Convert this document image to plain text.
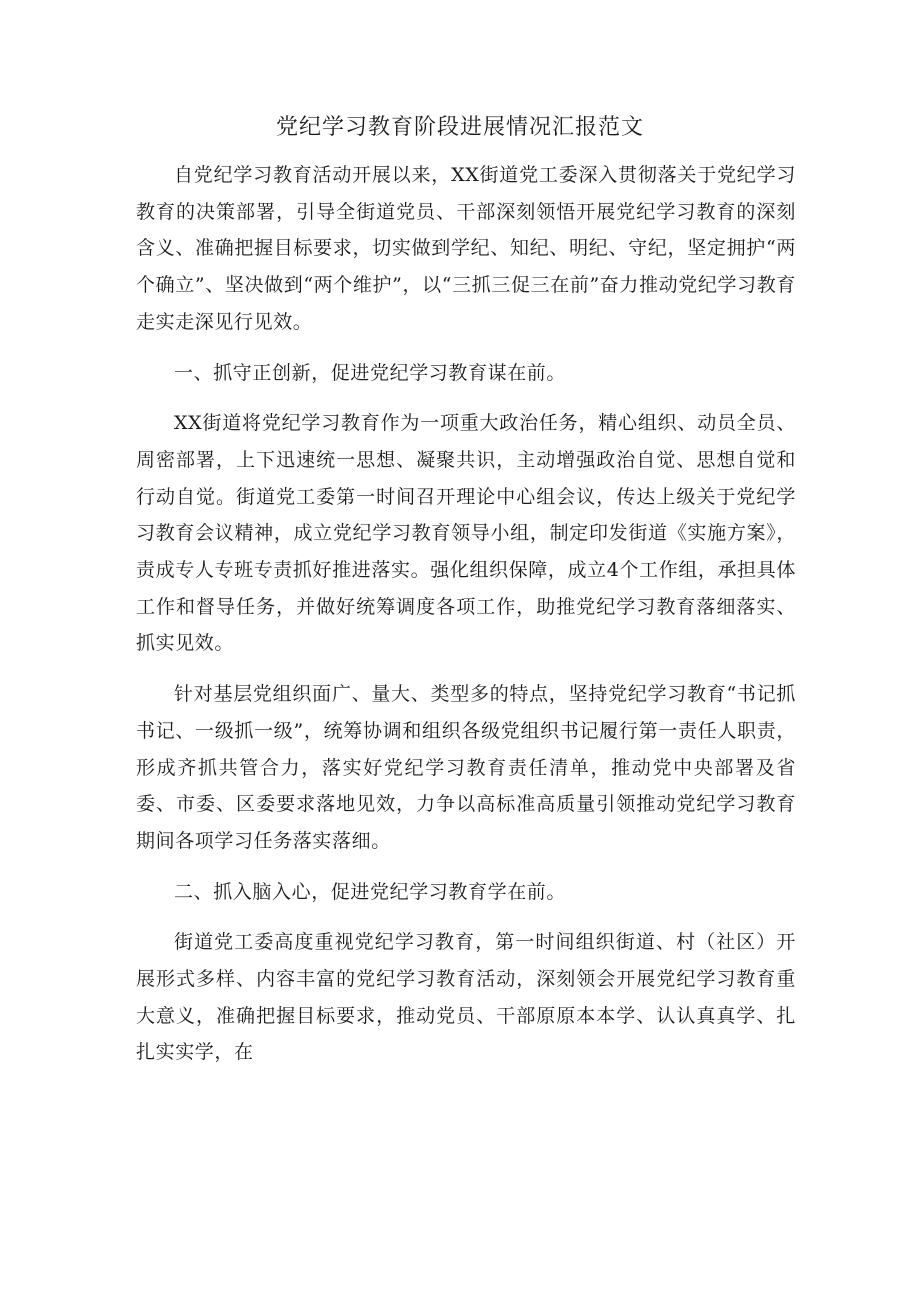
党纪学习教育阶段进展情况汇报范文

自党纪学习教育活动开展以来，XX街道党工委深入贯彻落关于党纪学习教育的决策部署，引导全街道党员、干部深刻领悟开展党纪学习教育的深刻含义、准确把握目标要求，切实做到学纪、知纪、明纪、守纪，坚定拥护“两个确立”、坚决做到“两个维护”，以“三抓三促三在前”奋力推动党纪学习教育走实走深见行见效。

一、抓守正创新，促进党纪学习教育谋在前。

XX街道将党纪学习教育作为一项重大政治任务，精心组织、动员全员、周密部署，上下迅速统一思想、凝聚共识，主动增强政治自觉、思想自觉和行动自觉。街道党工委第一时间召开理论中心组会议，传达上级关于党纪学习教育会议精神，成立党纪学习教育领导小组，制定印发街道《实施方案》，责成专人专班专责抓好推进落实。强化组织保障，成立4个工作组，承担具体工作和督导任务，并做好统筹调度各项工作，助推党纪学习教育落细落实、抓实见效。

针对基层党组织面广、量大、类型多的特点，坚持党纪学习教育“书记抓书记、一级抓一级”，统筹协调和组织各级党组织书记履行第一责任人职责，形成齐抓共管合力，落实好党纪学习教育责任清单，推动党中央部署及省委、市委、区委要求落地见效，力争以高标准高质量引领推动党纪学习教育期间各项学习任务落实落细。

二、抓入脑入心，促进党纪学习教育学在前。

街道党工委高度重视党纪学习教育，第一时间组织街道、村（社区）开展形式多样、内容丰富的党纪学习教育活动，深刻领会开展党纪学习教育重大意义，准确把握目标要求，推动党员、干部原原本本学、认认真真学、扎扎实实学，在
